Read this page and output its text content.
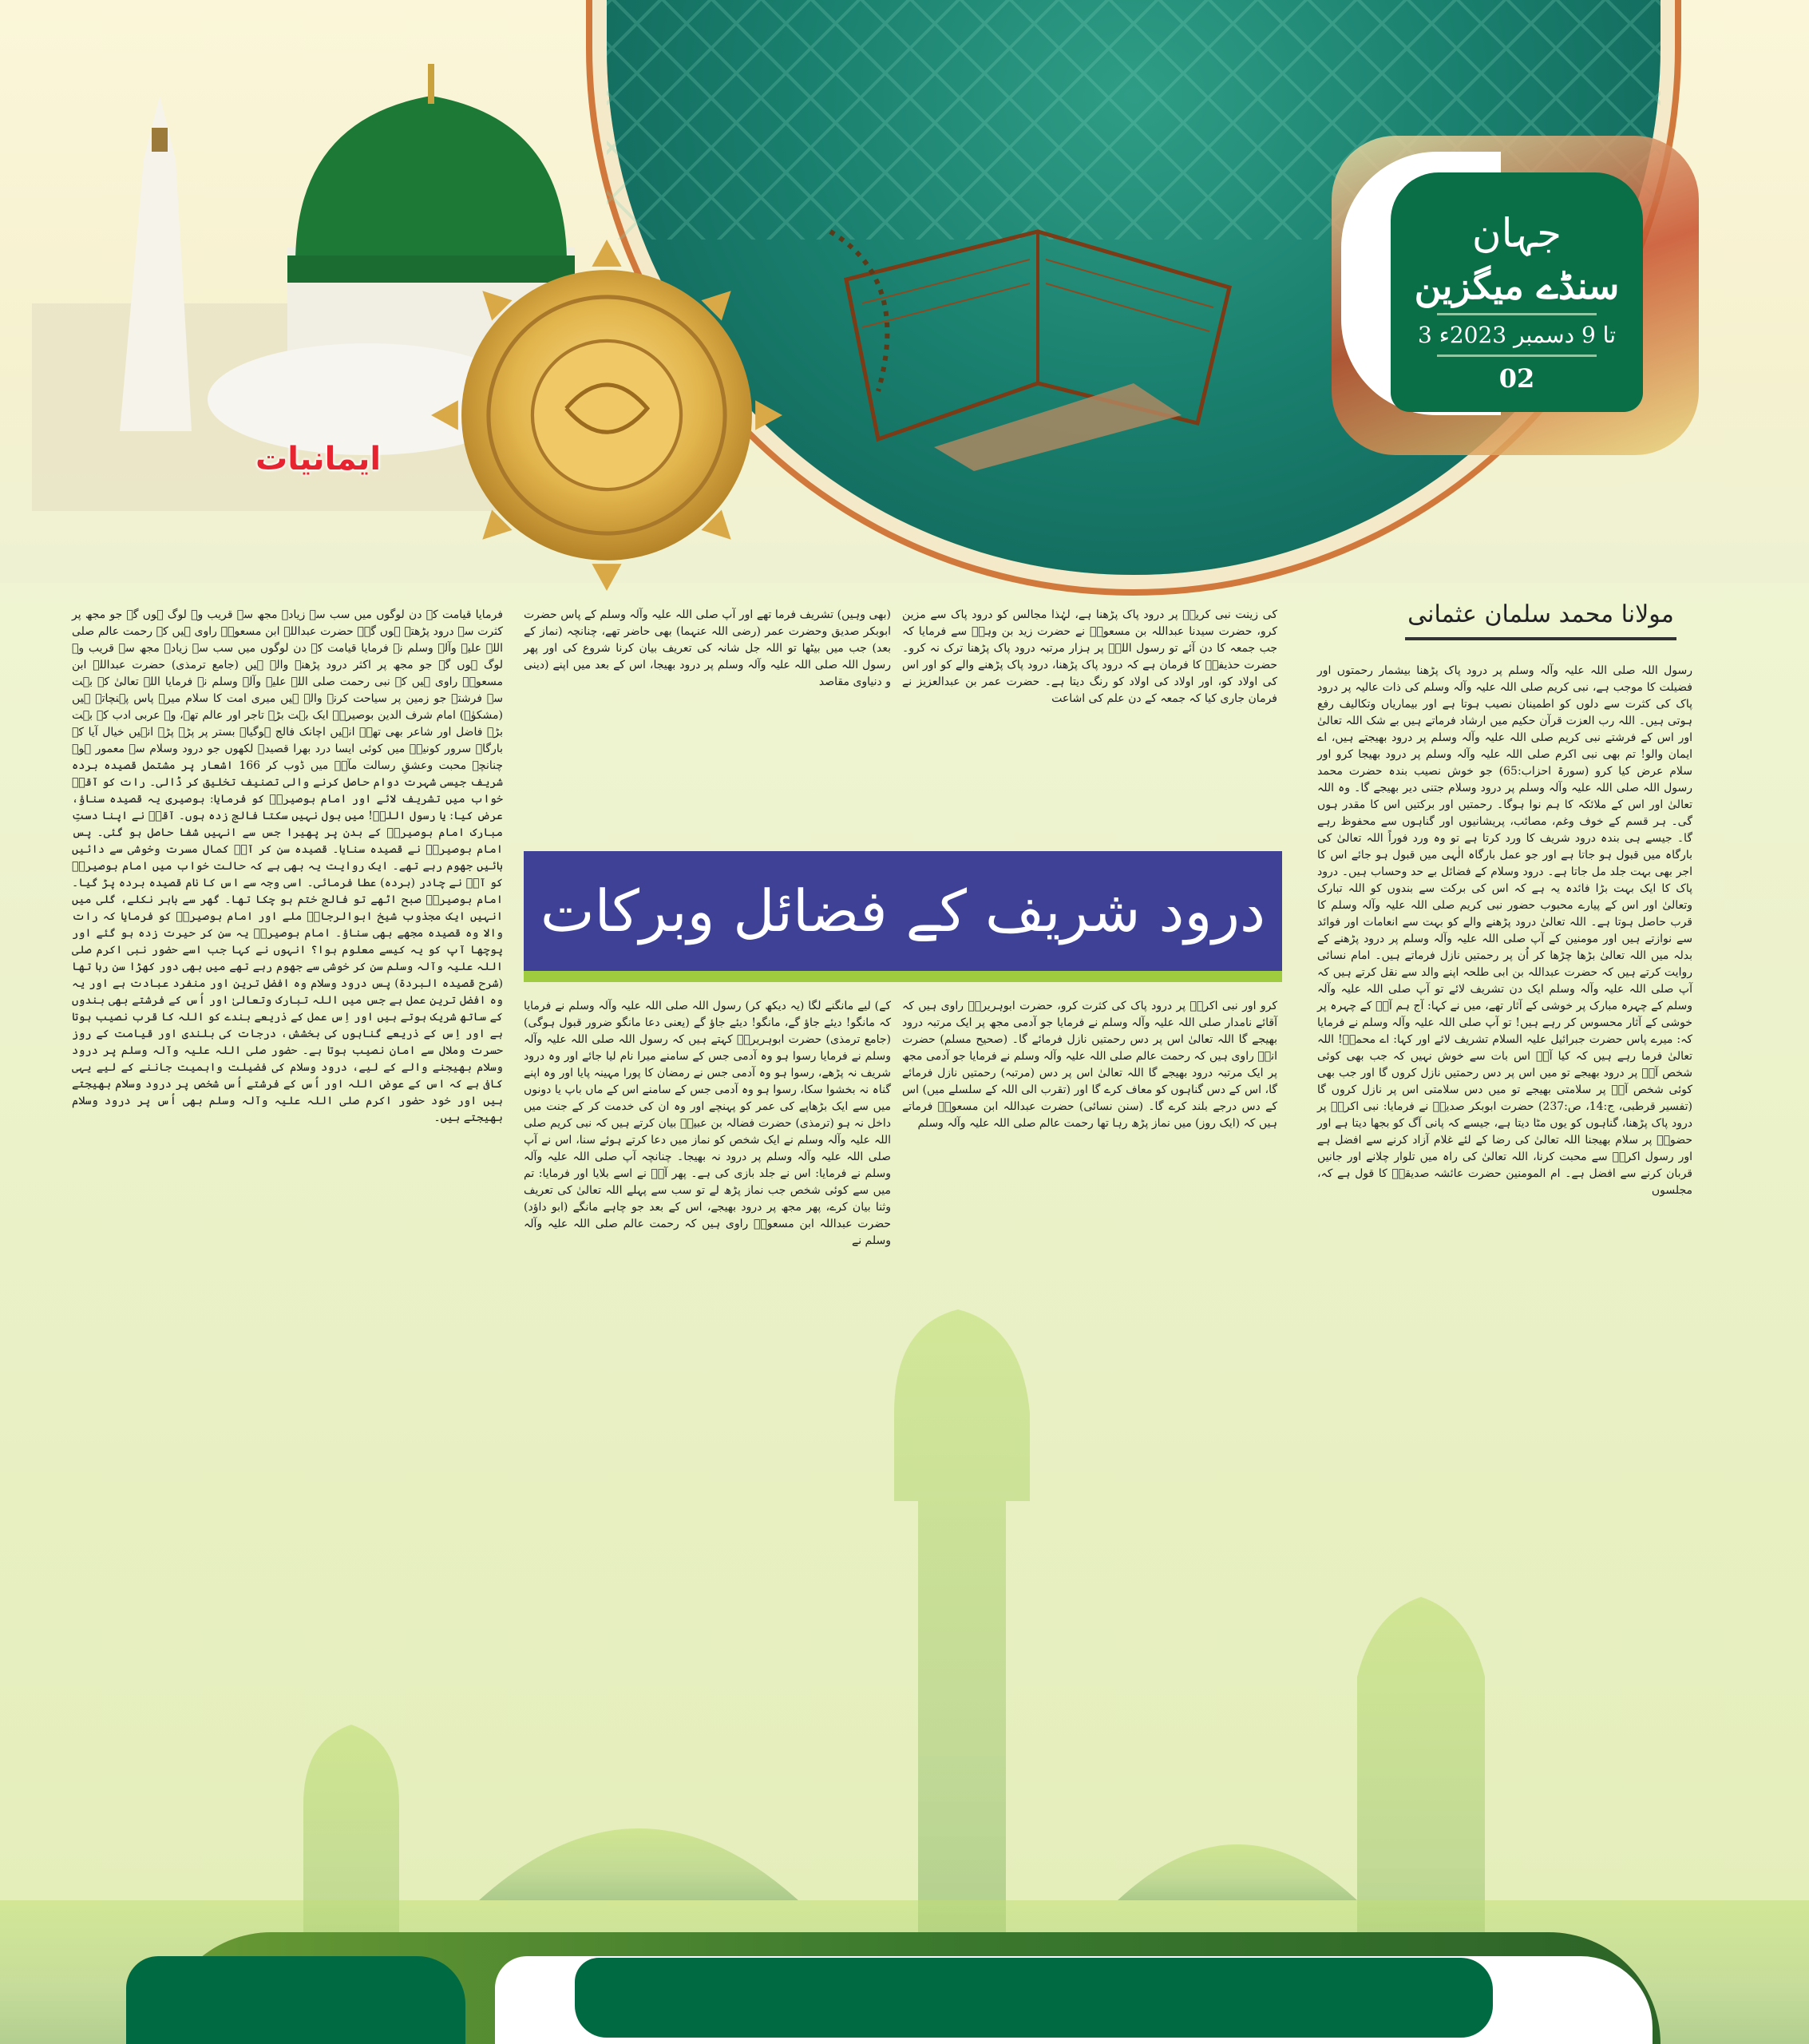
ایمانیات
جہان
سنڈے میگزین
3 تا 9 دسمبر 2023ء
02
مولانا محمد سلمان عثمانی

رسول اللہ صلی اللہ علیہ وآلہ وسلم پر درود پاک پڑھنا بیشمار رحمتوں اور فضیلت کا موجب ہے، نبی کریم صلی اللہ علیہ وآلہ وسلم کی ذات عالیہ پر درود پاک کی کثرت سے دلوں کو اطمینان نصیب ہوتا ہے اور بیماریاں وتکالیف رفع ہوتی ہیں۔ اللہ رب العزت قرآن حکیم میں ارشاد فرماتے ہیں بے شک اللہ تعالیٰ اور اس کے فرشتے نبی کریم صلی اللہ علیہ وآلہ وسلم پر درود بھیجتے ہیں، اے ایمان والو! تم بھی نبی اکرم صلی اللہ علیہ وآلہ وسلم پر درود بھیجا کرو اور سلام عرض کیا کرو (سورۃ احزاب:65) جو خوش نصیب بندہ حضرت محمد رسول اللہ صلی اللہ علیہ وآلہ وسلم پر درود وسلام جتنی دیر بھیجے گا۔ وہ اللہ تعالیٰ اور اس کے ملائکہ کا ہم نوا ہوگا۔ رحمتیں اور برکتیں اس کا مقدر ہوں گی۔ ہر قسم کے خوف وغم، مصائب، پریشانیوں اور گناہوں سے محفوظ رہے گا۔ جیسے ہی بندہ درود شریف کا ورد کرتا ہے تو وہ ورد فوراً اللہ تعالیٰ کی بارگاہ میں قبول ہو جاتا ہے اور جو عمل بارگاہ الٰہی میں قبول ہو جائے اس کا اجر بھی بہت جلد مل جاتا ہے۔ درود وسلام کے فضائل بے حد وحساب ہیں۔ درود پاک کا ایک بہت بڑا فائدہ یہ ہے کہ اس کی برکت سے بندوں کو اللہ تبارک وتعالیٰ اور اس کے پیارے محبوب حضور نبی کریم صلی اللہ علیہ وآلہ وسلم کا قرب حاصل ہوتا ہے۔ اللہ تعالیٰ درود پڑھنے والے کو بہت سے انعامات اور فوائد سے نوازتے ہیں اور مومنین کے آپ صلی اللہ علیہ وآلہ وسلم پر درود پڑھنے کے بدلہ میں اللہ تعالیٰ بڑھا چڑھا کر اُن پر رحمتیں نازل فرماتے ہیں۔ امام نسائی روایت کرتے ہیں کہ حضرت عبداللہ بن ابی طلحہ اپنے والد سے نقل کرتے ہیں کہ آپ صلی اللہ علیہ وآلہ وسلم ایک دن تشریف لائے تو آپ صلی اللہ علیہ وآلہ وسلم کے چہرہ مبارک پر خوشی کے آثار تھے، میں نے کہا: آج ہم آپؐ کے چہرہ پر خوشی کے آثار محسوس کر رہے ہیں! تو آپ صلی اللہ علیہ وآلہ وسلم نے فرمایا کہ: میرے پاس حضرت جبرائیل علیہ السلام تشریف لائے اور کہا: اے محمدؐ! اللہ تعالیٰ فرما رہے ہیں کہ کیا آپؐ اس بات سے خوش نہیں کہ جب بھی کوئی شخص آپؐ پر درود بھیجے تو میں اس پر دس رحمتیں نازل کروں گا اور جب بھی کوئی شخص آپؐ پر سلامتی بھیجے تو میں دس سلامتی اس پر نازل کروں گا (تفسیر قرطبی، ج:14، ص:237) حضرت ابوبکر صدیقؓ نے فرمایا: نبی اکرمؐ پر درود پاک پڑھنا، گناہوں کو یوں مٹا دیتا ہے، جیسے کہ پانی آگ کو بجھا دیتا ہے اور حضورؐ پر سلام بھیجنا اللہ تعالیٰ کی رضا کے لئے غلام آزاد کرنے سے افضل ہے اور رسول اکرمؐ سے محبت کرنا، اللہ تعالیٰ کی راہ میں تلوار چلانے اور جانیں قربان کرنے سے افضل ہے۔ ام المومنین حضرت عائشہ صدیقہؓ کا قول ہے کہ، مجلسوں

کی زینت نبی کریمؐ پر درود پاک پڑھنا ہے، لہٰذا مجالس کو درود پاک سے مزین کرو، حضرت سیدنا عبداللہ بن مسعودؓ نے حضرت زید بن وہبؓ سے فرمایا کہ جب جمعہ کا دن آئے تو رسول اللہؐ پر ہزار مرتبہ درود پاک پڑھنا ترک نہ کرو۔ حضرت حذیفہؓ کا فرمان ہے کہ درود پاک پڑھنا، درود پاک پڑھنے والے کو اور اس کی اولاد کو، اور اولاد کی اولاد کو رنگ دیتا ہے۔ حضرت عمر بن عبدالعزیز نے فرمان جاری کیا کہ جمعہ کے دن علم کی اشاعت

کرو اور نبی اکرمؐ پر درود پاک کی کثرت کرو، حضرت ابوہریرہؓ راوی ہیں کہ آقائے نامدار صلی اللہ علیہ وآلہ وسلم نے فرمایا جو آدمی مجھ پر ایک مرتبہ درود بھیجے گا اللہ تعالیٰ اس پر دس رحمتیں نازل فرمائے گا۔ (صحیح مسلم) حضرت انسؓ راوی ہیں کہ رحمت عالم صلی اللہ علیہ وآلہ وسلم نے فرمایا جو آدمی مجھ پر ایک مرتبہ درود بھیجے گا اللہ تعالیٰ اس پر دس (مرتبہ) رحمتیں نازل فرمائے گا، اس کے دس گناہوں کو معاف کرے گا اور (تقرب الی اللہ کے سلسلے میں) اس کے دس درجے بلند کرے گا۔ (سنن نسائی) حضرت عبداللہ ابن مسعودؓ فرماتے ہیں کہ (ایک روز) میں نماز پڑھ رہا تھا رحمت عالم صلی اللہ علیہ وآلہ وسلم

(بھی وہیں) تشریف فرما تھے اور آپ صلی اللہ علیہ وآلہ وسلم کے پاس حضرت ابوبکر صدیق وحضرت عمر (رضی اللہ عنہما) بھی حاضر تھے، چنانچہ (نماز کے بعد) جب میں بیٹھا تو اللہ جل شانہ کی تعریف بیان کرنا شروع کی اور پھر رسول اللہ صلی اللہ علیہ وآلہ وسلم پر درود بھیجا، اس کے بعد میں اپنے (دینی و دنیاوی مقاصد

کے) لیے مانگنے لگا (یہ دیکھ کر) رسول اللہ صلی اللہ علیہ وآلہ وسلم نے فرمایا کہ مانگو! دیئے جاؤ گے، مانگو! دیئے جاؤ گے (یعنی دعا مانگو ضرور قبول ہوگی) (جامع ترمذی) حضرت ابوہریرہؓ کہتے ہیں کہ رسول اللہ صلی اللہ علیہ وآلہ وسلم نے فرمایا رسوا ہو وہ آدمی جس کے سامنے میرا نام لیا جائے اور وہ درود شریف نہ پڑھے، رسوا ہو وہ آدمی جس نے رمضان کا پورا مہینہ پایا اور وہ اپنے گناہ نہ بخشوا سکا، رسوا ہو وہ آدمی جس کے سامنے اس کے ماں باپ یا دونوں میں سے ایک بڑھاپے کی عمر کو پہنچے اور وہ ان کی خدمت کر کے جنت میں داخل نہ ہو (ترمذی) حضرت فضالہ بن عبیدؓ بیان کرتے ہیں کہ نبی کریم صلی اللہ علیہ وآلہ وسلم نے ایک شخص کو نماز میں دعا کرتے ہوئے سنا، اس نے آپ صلی اللہ علیہ وآلہ وسلم پر درود نہ بھیجا۔ چنانچہ آپ صلی اللہ علیہ وآلہ وسلم نے فرمایا: اس نے جلد بازی کی ہے۔ پھر آپؐ نے اسے بلایا اور فرمایا: تم میں سے کوئی شخص جب نماز پڑھ لے تو سب سے پہلے اللہ تعالیٰ کی تعریف وثنا بیان کرے، پھر مجھ پر درود بھیجے، اس کے بعد جو چاہے مانگے (ابو داؤد) حضرت عبداللہ ابن مسعودؓ راوی ہیں کہ رحمت عالم صلی اللہ علیہ وآلہ وسلم نے

فرمایا قیامت کے دن لوگوں میں سب سے زیادہ مجھ سے قریب وہ لوگ ہوں گے جو مجھ پر کثرت سے درود پڑھتے ہوں گے۔ حضرت عبداللہ ابن مسعودؓ راوی ہیں کہ رحمت عالم صلی اللہ علیہ وآلہ وسلم نے فرمایا قیامت کے دن لوگوں میں سب سے زیادہ مجھ سے قریب وہ لوگ ہوں گے جو مجھ پر اکثر درود پڑھنے والے ہیں (جامع ترمذی) حضرت عبداللہ ابن مسعودؓ راوی ہیں کہ نبی رحمت صلی اللہ علیہ وآلہ وسلم نے فرمایا اللہ تعالیٰ کے بہت سے فرشتے جو زمین پر سیاحت کرنے والے ہیں میری امت کا سلام میرے پاس پہنچاتے ہیں (مشکوٰۃ) امام شرف الدین بوصیریؒ ایک بہت بڑے تاجر اور عالم تھے، وہ عربی ادب کے بہت بڑے فاضل اور شاعر بھی تھے۔ انہیں اچانک فالج ہوگیا۔ بستر پر پڑے پڑے انہیں خیال آیا کہ بارگاہ سرور کونینؐ میں کوئی ایسا درد بھرا قصیدہ لکھوں جو درود وسلام سے معمور ہو۔ چنانچہ محبت وعشقِ رسالت مآبؐ میں ڈوب کر 166 اشعار پر مشتمل قصیدہ بردہ شریف جیسی شہرت دوام حاصل کرنے والی تصنیف تخلیق کر ڈالی۔ رات کو آقاؐ خواب میں تشریف لائے اور امام بوصیریؒ کو فرمایا: بوصیری یہ قصیدہ سناؤ، عرض کیا: یا رسول اللہؐ! میں بول نہیں سکتا فالج زدہ ہوں۔ آقاؐ نے اپنا دستِ مبارک امام بوصیریؒ کے بدن پر پھیرا جس سے انہیں شفا حاصل ہو گئی۔ پس امام بوصیریؒ نے قصیدہ سنایا۔ قصیدہ سن کر آپؐ کمال مسرت وخوشی سے دائیں بائیں جھوم رہے تھے۔ ایک روایت یہ بھی ہے کہ حالت خواب میں امام بوصیریؒ کو آپؐ نے چادر (بردہ) عطا فرمائی۔ اسی وجہ سے اس کا نام قصیدہ بردہ پڑ گیا۔ امام بوصیریؒ صبح اٹھے تو فالج ختم ہو چکا تھا۔ گھر سے باہر نکلے، گلی میں انہیں ایک مجذوب شیخ ابوالرجاءؒ ملے اور امام بوصیریؒ کو فرمایا کہ رات والا وہ قصیدہ مجھے بھی سناؤ۔ امام بوصیریؒ یہ سن کر حیرت زدہ ہو گئے اور پوچھا آپ کو یہ کیسے معلوم ہوا؟ انہوں نے کہا جب اسے حضور نبی اکرم صلی اللہ علیہ وآلہ وسلم سن کر خوشی سے جھوم رہے تھے میں بھی دور کھڑا سن رہا تھا (شرح قصیدہ البردۃ) پس درود وسلام وہ افضل ترین اور منفرد عبادت ہے اور یہ وہ افضل ترین عمل ہے جس میں اللہ تبارک وتعالیٰ اور اُس کے فرشتے بھی بندوں کے ساتھ شریک ہوتے ہیں اور اِس عمل کے ذریعے بندے کو اللہ کا قرب نصیب ہوتا ہے اور اِس کے ذریعے گناہوں کی بخشش، درجات کی بلندی اور قیامت کے روز حسرت وملال سے امان نصیب ہوتا ہے۔ حضور صلی اللہ علیہ وآلہ وسلم پر درود وسلام بھیجنے والے کے لیے، درود وسلام کی فضیلت واہمیت جاننے کے لیے یہی کافی ہے کہ اس کے عوض اللہ اور اُس کے فرشتے اُس شخص پر درود وسلام بھیجتے ہیں اور خود حضور اکرم صلی اللہ علیہ وآلہ وسلم بھی اُس پر درود وسلام بھیجتے ہیں۔

درود شریف کے فضائل وبرکات
